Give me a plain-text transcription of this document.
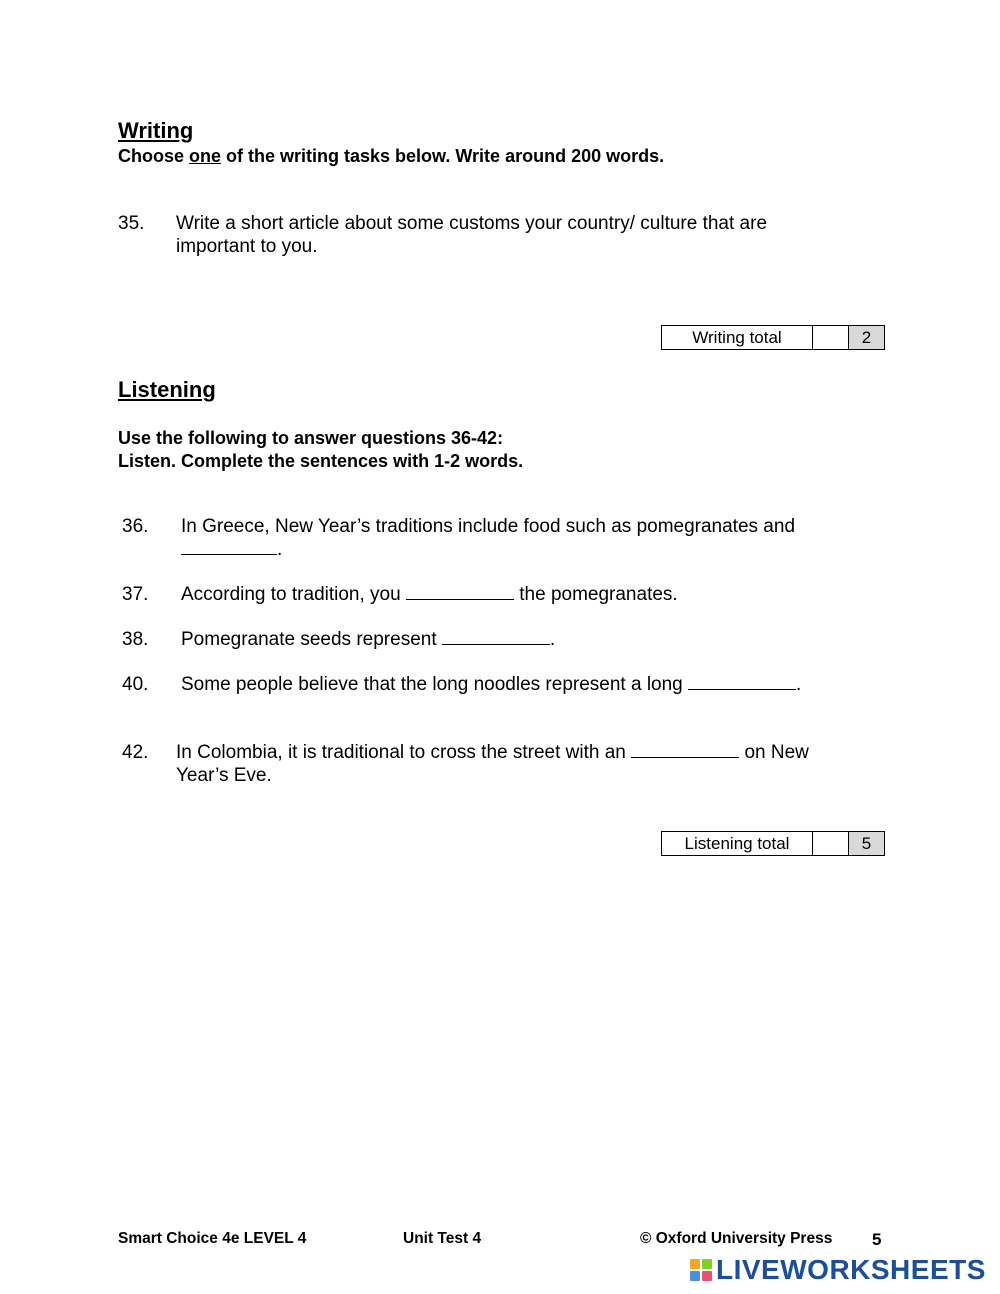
Writing
Choose one of the writing tasks below. Write around 200 words.
35. Write a short article about some customs your country/ culture that are
important to you.
Writing total	2
Listening
Use the following to answer questions 36-42:
Listen. Complete the sentences with 1-2 words.
36. In Greece, New Year’s traditions include food such as pomegranates and
.
37. According to tradition, you	the pomegranates.
38. Pomegranate seeds represent	.
40. Some people believe that the long noodles represent a long	.
42. In Colombia, it is traditional to cross the street with an	on New
Year’s Eve.
Listening total	5
Smart Choice 4e LEVEL 4	Unit Test 4	© Oxford University Press 5
LIVEWORKSHEETS
